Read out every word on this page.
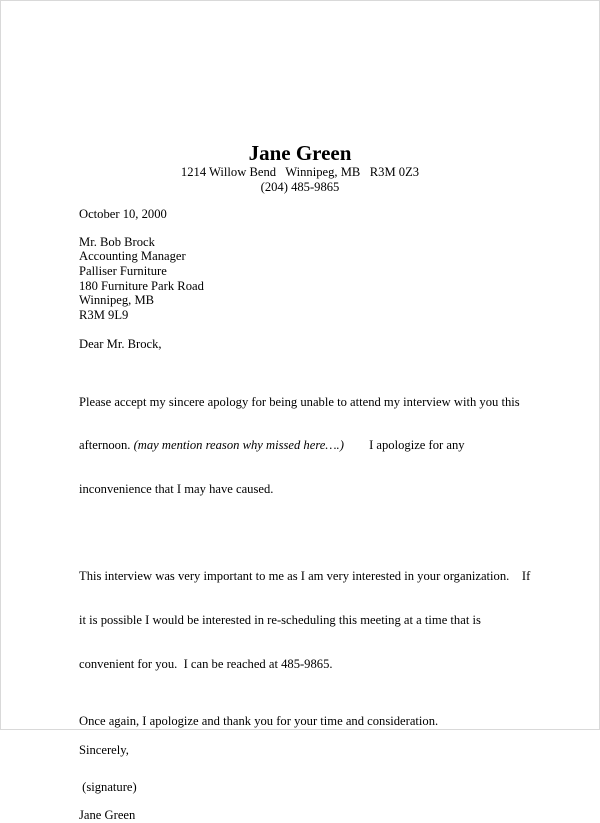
Jane Green
1214 Willow Bend   Winnipeg, MB   R3M 0Z3
(204) 485-9865
October 10, 2000
Mr. Bob Brock
Accounting Manager
Palliser Furniture
180 Furniture Park Road
Winnipeg, MB
R3M 9L9
Dear Mr. Brock,

Please accept my sincere apology for being unable to attend my interview with you this

afternoon. (may mention reason why missed here….)        I apologize for any

inconvenience that I may have caused.

This interview was very important to me as I am very interested in your organization.    If

it is possible I would be interested in re-scheduling this meeting at a time that is

convenient for you.  I can be reached at 485-9865.

Once again, I apologize and thank you for your time and consideration.
Sincerely,
(signature)
Jane Green
